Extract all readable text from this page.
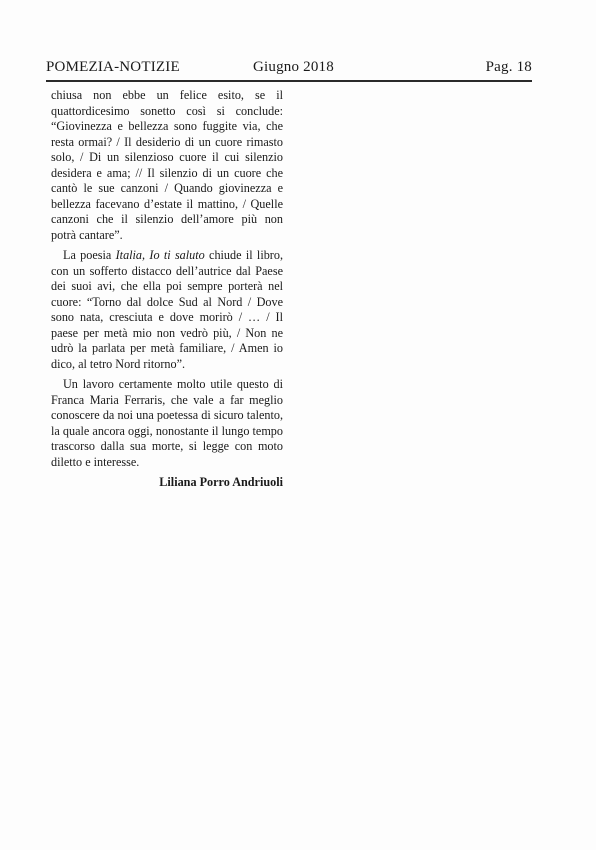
POMEZIA-NOTIZIE	Giugno 2018	Pag. 18

chiusa non ebbe un felice esito, se il quattordicesimo sonetto così si conclude: “Giovinezza e bellezza sono fuggite via, che resta ormai? / Il desiderio di un cuore rimasto solo, / Di un silenzioso cuore il cui silenzio desidera e ama; // Il silenzio di un cuore che cantò le sue canzoni / Quando giovinezza e bellezza facevano d’estate il mattino, / Quelle canzoni che il silenzio dell’amore più non potrà cantare”.

La poesia Italia, Io ti saluto chiude il libro, con un sofferto distacco dell’autrice dal Paese dei suoi avi, che ella poi sempre porterà nel cuore: “Torno dal dolce Sud al Nord / Dove sono nata, cresciuta e dove morirò / … / Il paese per metà mio non vedrò più, / Non ne udrò la parlata per metà familiare, / Amen io dico, al tetro Nord ritorno”.

Un lavoro certamente molto utile questo di Franca Maria Ferraris, che vale a far meglio conoscere da noi una poetessa di sicuro talento, la quale ancora oggi, nonostante il lungo tempo trascorso dalla sua morte, si legge con moto diletto e interesse.

Liliana Porro Andriuoli
